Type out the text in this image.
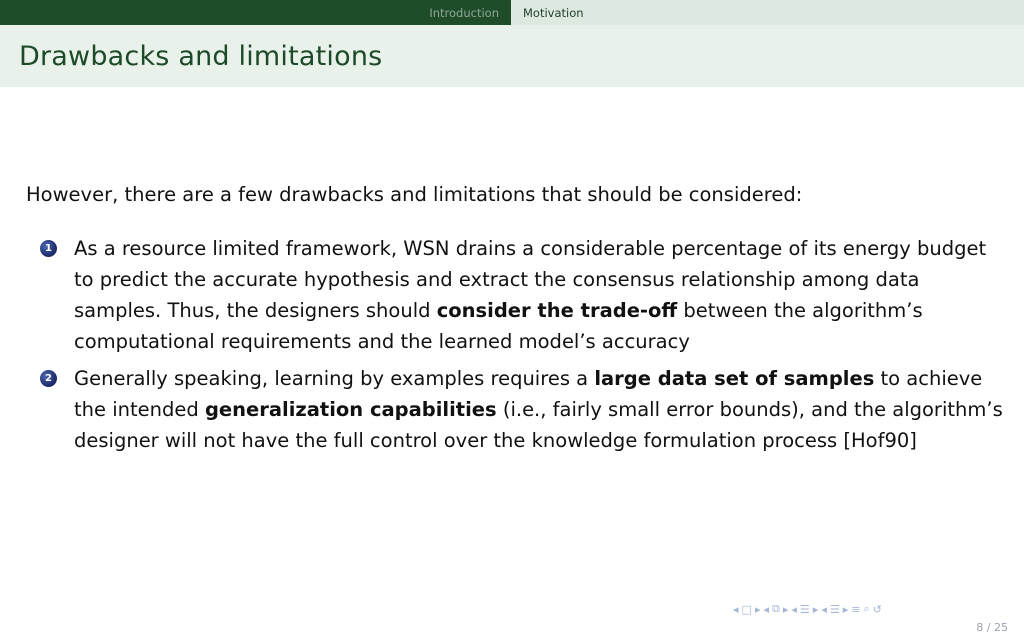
Introduction	Motivation
Drawbacks and limitations
However, there are a few drawbacks and limitations that should be considered:
1 As a resource limited framework, WSN drains a considerable percentage of its energy budget to predict the accurate hypothesis and extract the consensus relationship among data samples. Thus, the designers should consider the trade-off between the algorithm’s computational requirements and the learned model’s accuracy
2 Generally speaking, learning by examples requires a large data set of samples to achieve the intended generalization capabilities (i.e., fairly small error bounds), and the algorithm’s designer will not have the full control over the knowledge formulation process [Hof90]
◂ □ ▸ ◂ ⧉ ▸ ◂ ☰ ▸ ◂ ☰ ▸ ≡ ⌕ ↺
8 / 25
